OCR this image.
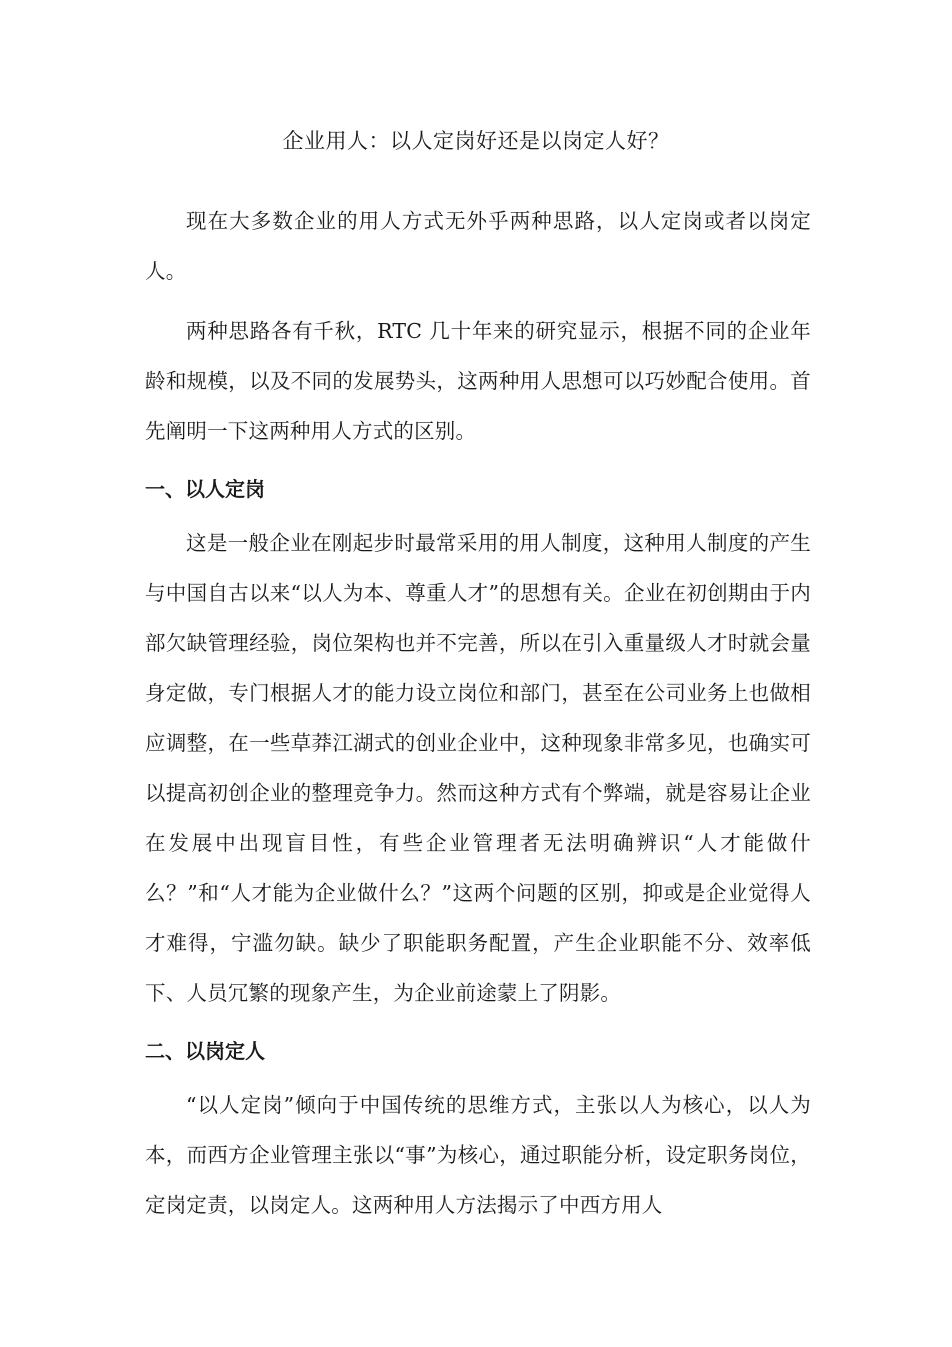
企业用人：以人定岗好还是以岗定人好？

现在大多数企业的用人方式无外乎两种思路，以人定岗或者以岗定人。

两种思路各有千秋，RTC 几十年来的研究显示，根据不同的企业年龄和规模，以及不同的发展势头，这两种用人思想可以巧妙配合使用。首先阐明一下这两种用人方式的区别。

一、以人定岗

这是一般企业在刚起步时最常采用的用人制度，这种用人制度的产生与中国自古以来“以人为本、尊重人才”的思想有关。企业在初创期由于内部欠缺管理经验，岗位架构也并不完善，所以在引入重量级人才时就会量身定做，专门根据人才的能力设立岗位和部门，甚至在公司业务上也做相应调整，在一些草莽江湖式的创业企业中，这种现象非常多见，也确实可以提高初创企业的整理竞争力。然而这种方式有个弊端，就是容易让企业在发展中出现盲目性，有些企业管理者无法明确辨识“人才能做什么？”和“人才能为企业做什么？”这两个问题的区别，抑或是企业觉得人才难得，宁滥勿缺。缺少了职能职务配置，产生企业职能不分、效率低下、人员冗繁的现象产生，为企业前途蒙上了阴影。

二、以岗定人

“以人定岗”倾向于中国传统的思维方式，主张以人为核心，以人为本，而西方企业管理主张以“事”为核心，通过职能分析，设定职务岗位，定岗定责，以岗定人。这两种用人方法揭示了中西方用人
